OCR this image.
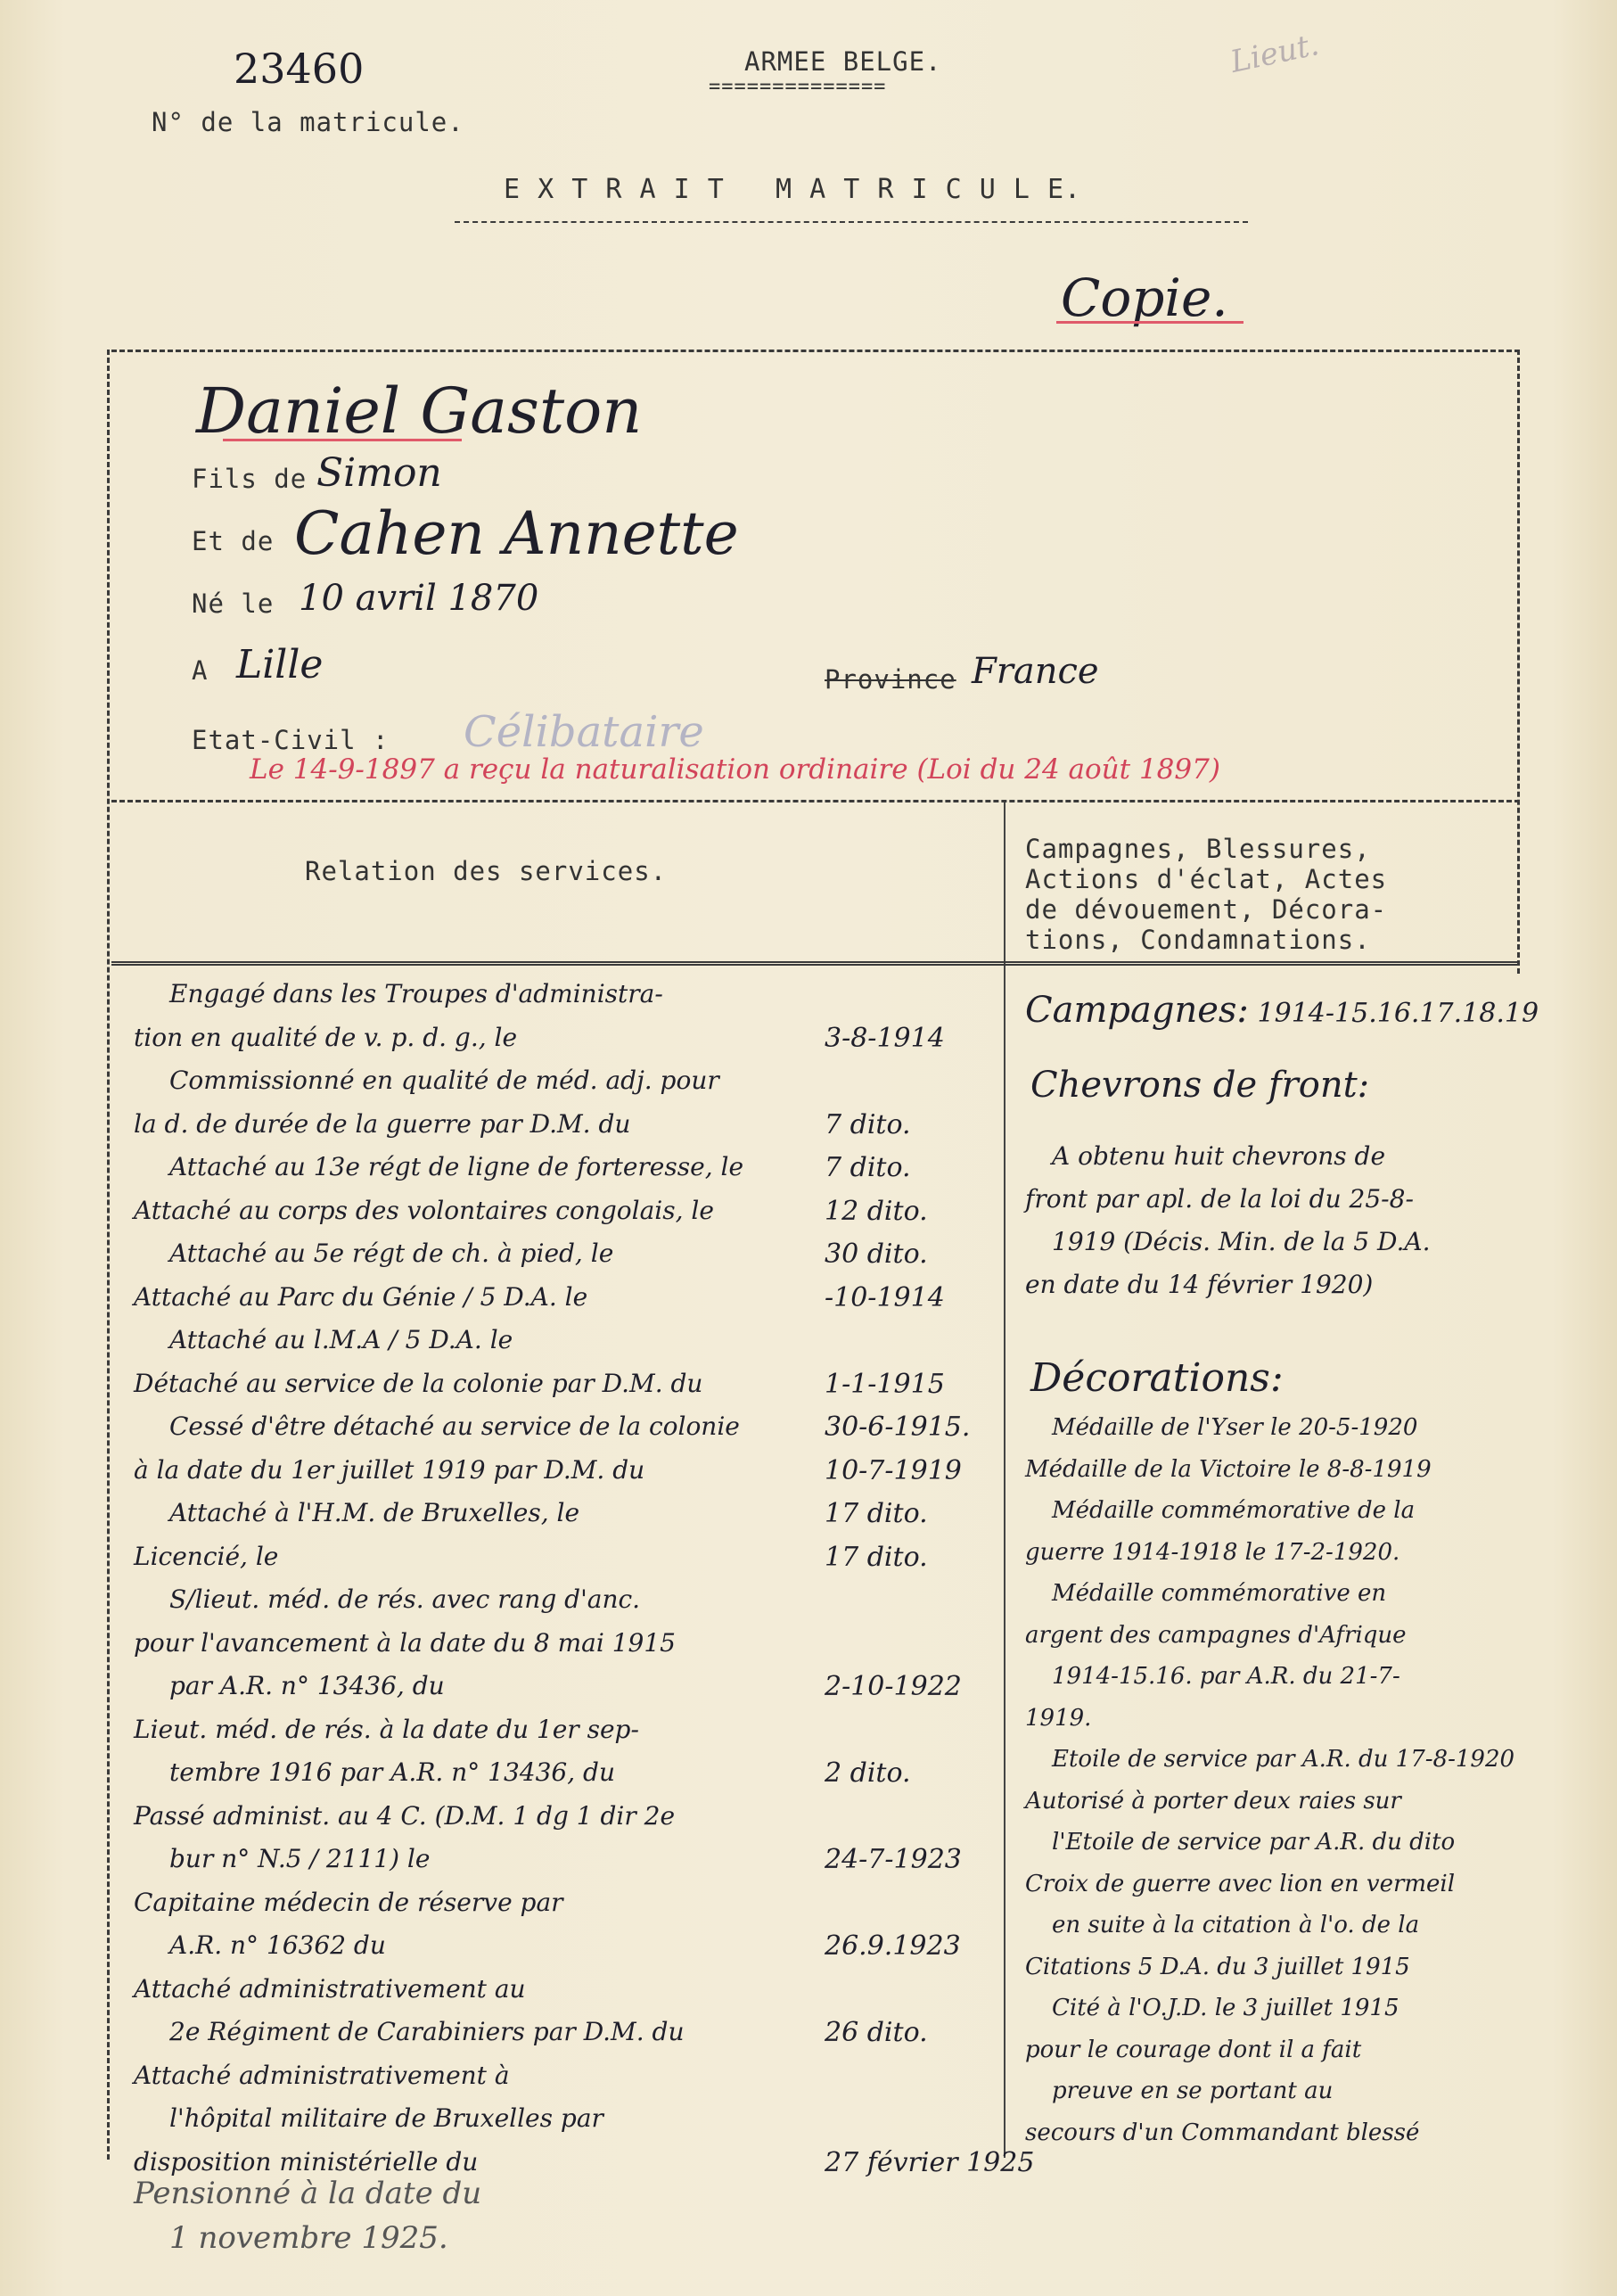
23460
N° de la matricule.
ARMEE BELGE.
==============
Lieut.
E X T R A I T   M A T R I C U L E.
Copie.
Daniel Gaston
Fils de Simon
Et de Cahen Annette
Né le 10 avril 1870
A Lille	Province France
Etat-Civil : Célibataire
Le 14-9-1897 a reçu la naturalisation ordinaire (Loi du 24 août 1897)
Relation des services.
Campagnes, Blessures,
Actions d'éclat, Actes
de dévouement, Décora-
tions, Condamnations.
Engagé dans les Troupes d'administra-
tion en qualité de v. p. d. g., le	3-8-1914
Commissionné en qualité de méd. adj. pour
la d. de durée de la guerre par D.M. du	7 dito.
Attaché au 13e régt de ligne de forteresse, le	7 dito.
Attaché au corps des volontaires congolais, le	12 dito.
Attaché au 5e régt de ch. à pied, le	30 dito.
Attaché au Parc du Génie / 5 D.A. le	-10-1914
Attaché au l.M.A / 5 D.A. le
Détaché au service de la colonie par D.M. du	1-1-1915
Cessé d'être détaché au service de la colonie	30-6-1915.
à la date du 1er juillet 1919 par D.M. du	10-7-1919
Attaché à l'H.M. de Bruxelles, le	17 dito.
Licencié, le	17 dito.
S/lieut. méd. de rés. avec rang d'anc.
pour l'avancement à la date du 8 mai 1915
par A.R. n° 13436, du	2-10-1922
Lieut. méd. de rés. à la date du 1er sep-
tembre 1916 par A.R. n° 13436, du	2 dito.
Passé administ. au 4 C. (D.M. 1 dg 1 dir 2e
bur n° N.5 / 2111) le	24-7-1923
Capitaine médecin de réserve par
A.R. n° 16362 du	26.9.1923
Attaché administrativement au
2e Régiment de Carabiniers par D.M. du	26 dito.
Attaché administrativement à
l'hôpital militaire de Bruxelles par
disposition ministérielle du	27 février 1925
Campagnes: 1914-15.16.17.18.19
Chevrons de front:
A obtenu huit chevrons de
front par apl. de la loi du 25-8-
1919 (Décis. Min. de la 5 D.A.
en date du 14 février 1920)
Décorations:
Médaille de l'Yser le 20-5-1920
Médaille de la Victoire le 8-8-1919
Médaille commémorative de la
guerre 1914-1918 le 17-2-1920.
Médaille commémorative en
argent des campagnes d'Afrique
1914-15.16. par A.R. du 21-7-
1919.
Etoile de service par A.R. du 17-8-1920
Autorisé à porter deux raies sur
l'Etoile de service par A.R. du dito
Croix de guerre avec lion en vermeil
en suite à la citation à l'o. de la
Citations 5 D.A. du 3 juillet 1915
Cité à l'O.J.D. le 3 juillet 1915
pour le courage dont il a fait
preuve en se portant au
secours d'un Commandant blessé
Pensionné à la date du
1 novembre 1925.
